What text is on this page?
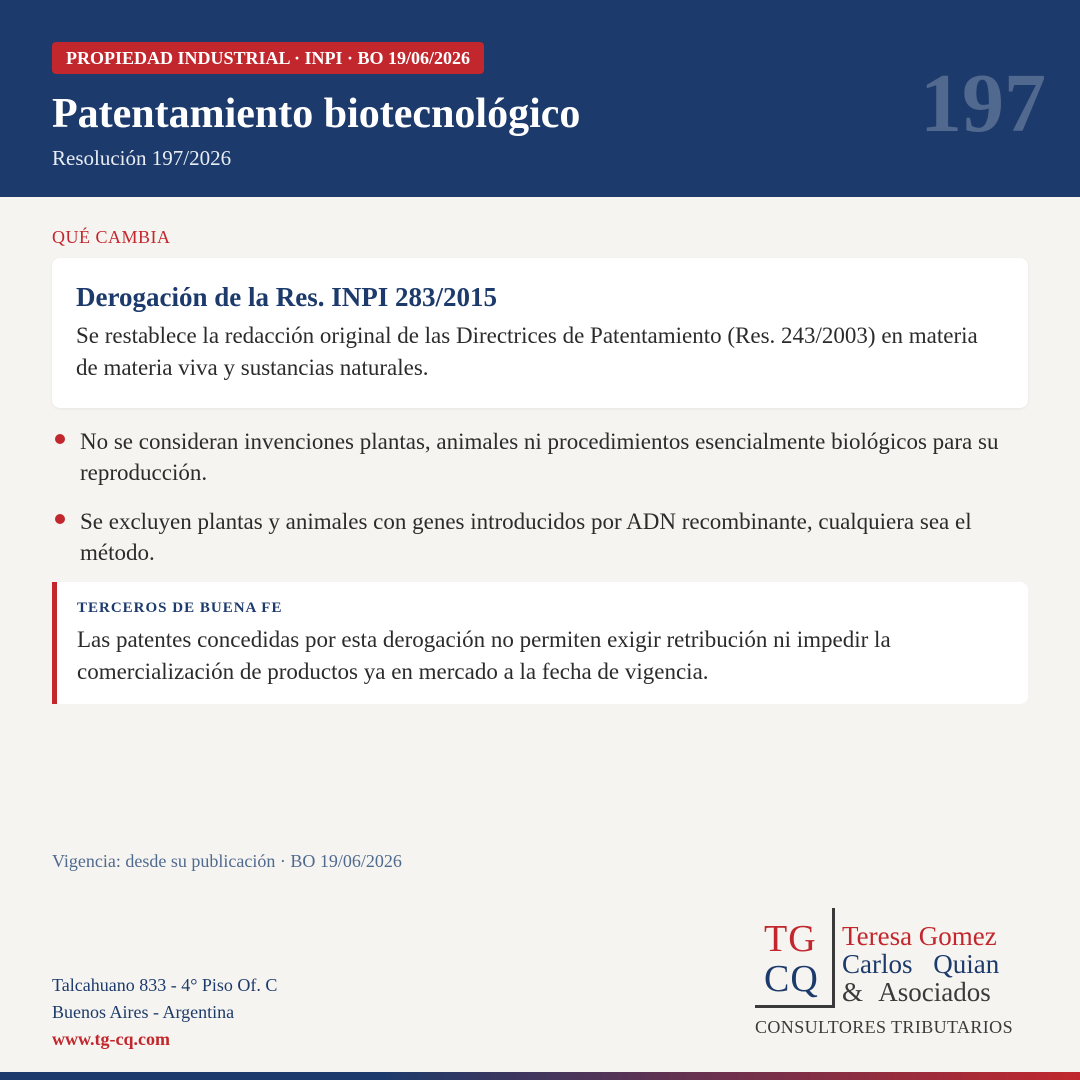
PROPIEDAD INDUSTRIAL · INPI · BO 19/06/2026
Patentamiento biotecnológico
Resolución 197/2026
197
QUÉ CAMBIA
Derogación de la Res. INPI 283/2015
Se restablece la redacción original de las Directrices de Patentamiento (Res. 243/2003) en materia de materia viva y sustancias naturales.
No se consideran invenciones plantas, animales ni procedimientos esencialmente biológicos para su reproducción.
Se excluyen plantas y animales con genes introducidos por ADN recombinante, cualquiera sea el método.
TERCEROS DE BUENA FE
Las patentes concedidas por esta derogación no permiten exigir retribución ni impedir la comercialización de productos ya en mercado a la fecha de vigencia.
Vigencia: desde su publicación · BO 19/06/2026
Talcahuano 833 - 4° Piso Of. C
Buenos Aires - Argentina
www.tg-cq.com
TG
CQ
Teresa Gomez
Carlos Quian
& Asociados
CONSULTORES TRIBUTARIOS
